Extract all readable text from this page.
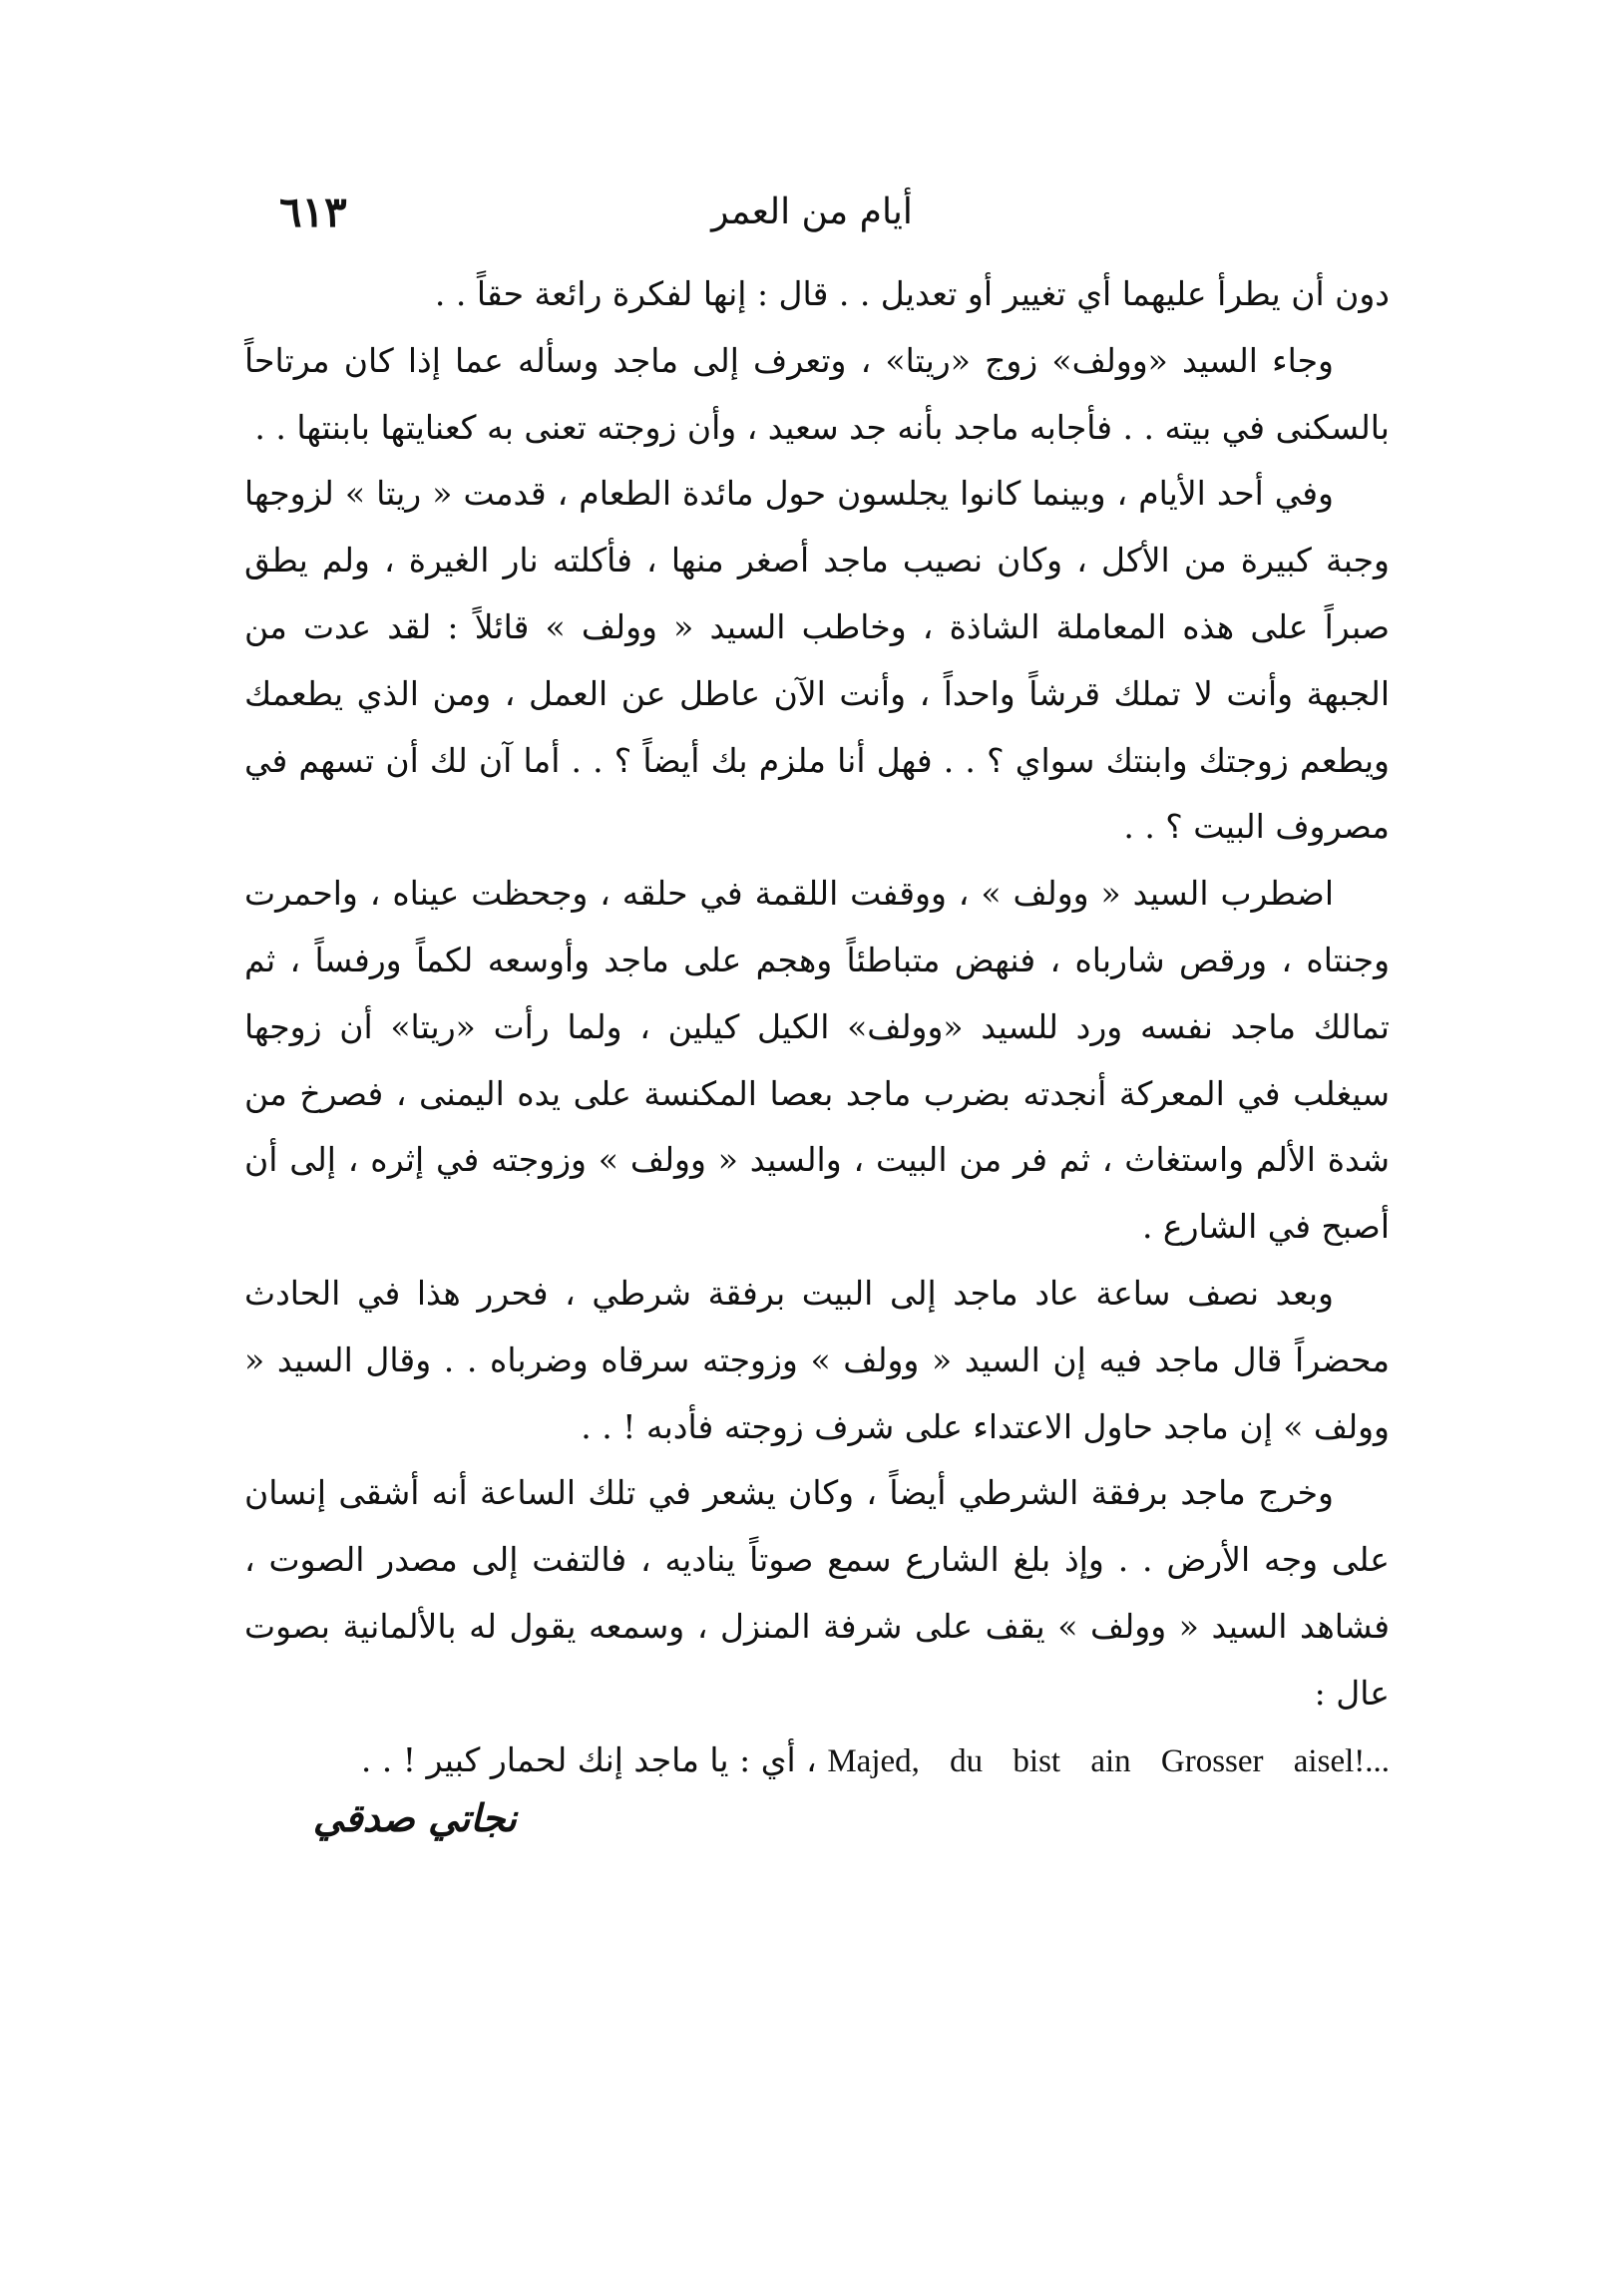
٦١٣	أيام من العمر

دون أن يطرأ عليهما أي تغيير أو تعديل . . قال : إنها لفكرة رائعة حقاً . .

وجاء السيد «وولف» زوج «ريتا» ، وتعرف إلى ماجد وسأله عما إذا كان مرتاحاً بالسكنى في بيته . . فأجابه ماجد بأنه جد سعيد ، وأن زوجته تعنى به كعنايتها بابنتها . .

وفي أحد الأيام ، وبينما كانوا يجلسون حول مائدة الطعام ، قدمت « ريتا » لزوجها وجبة كبيرة من الأكل ، وكان نصيب ماجد أصغر منها ، فأكلته نار الغيرة ، ولم يطق صبراً على هذه المعاملة الشاذة ، وخاطب السيد « وولف » قائلاً : لقد عدت من الجبهة وأنت لا تملك قرشاً واحداً ، وأنت الآن عاطل عن العمل ، ومن الذي يطعمك ويطعم زوجتك وابنتك سواي ؟ . . فهل أنا ملزم بك أيضاً ؟ . . أما آن لك أن تسهم في مصروف البيت ؟ . .

اضطرب السيد « وولف » ، ووقفت اللقمة في حلقه ، وجحظت عيناه ، واحمرت وجنتاه ، ورقص شارباه ، فنهض متباطئاً وهجم على ماجد وأوسعه لكماً ورفساً ، ثم تمالك ماجد نفسه ورد للسيد «وولف» الكيل كيلين ، ولما رأت «ريتا» أن زوجها سيغلب في المعركة أنجدته بضرب ماجد بعصا المكنسة على يده اليمنى ، فصرخ من شدة الألم واستغاث ، ثم فر من البيت ، والسيد « وولف » وزوجته في إثره ، إلى أن أصبح في الشارع .

وبعد نصف ساعة عاد ماجد إلى البيت برفقة شرطي ، فحرر هذا في الحادث محضراً قال ماجد فيه إن السيد « وولف » وزوجته سرقاه وضرباه . . وقال السيد « وولف » إن ماجد حاول الاعتداء على شرف زوجته فأدبه ! . .

وخرج ماجد برفقة الشرطي أيضاً ، وكان يشعر في تلك الساعة أنه أشقى إنسان على وجه الأرض . . وإذ بلغ الشارع سمع صوتاً يناديه ، فالتفت إلى مصدر الصوت ، فشاهد السيد « وولف » يقف على شرفة المنزل ، وسمعه يقول له بالألمانية بصوت عال :

Majed, du bist ain Grosser aisel!... ، أي : يا ماجد إنك لحمار كبير ! . .

نجاتي صدقي
